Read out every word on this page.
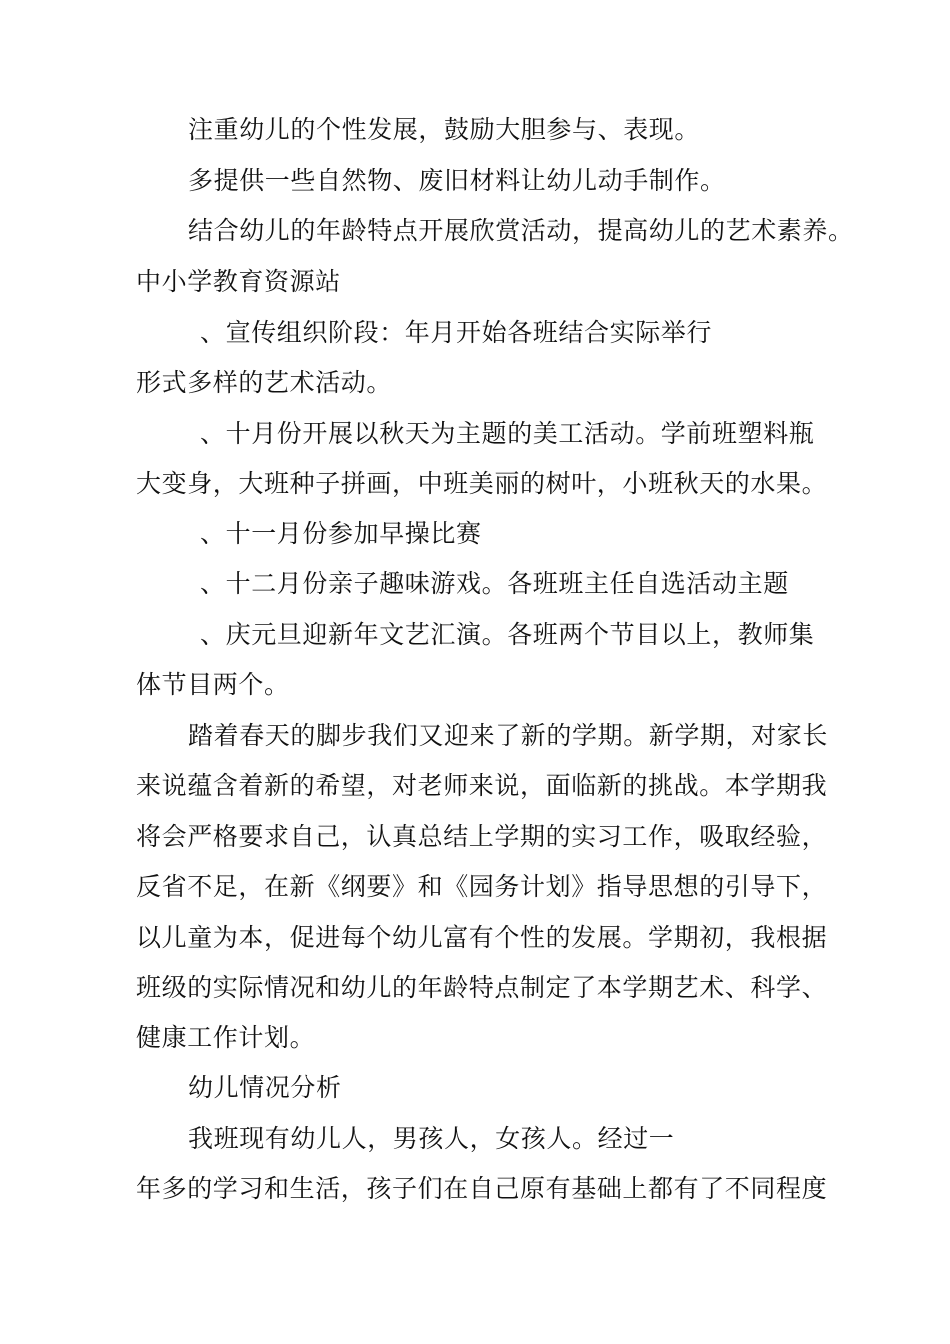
注重幼儿的个性发展，鼓励大胆参与、表现。
多提供一些自然物、废旧材料让幼儿动手制作。
结合幼儿的年龄特点开展欣赏活动，提高幼儿的艺术素养。
中小学教育资源站
、宣传组织阶段：年月开始各班结合实际举行
形式多样的艺术活动。
、十月份开展以秋天为主题的美工活动。学前班塑料瓶
大变身，大班种子拼画，中班美丽的树叶，小班秋天的水果。
、十一月份参加早操比赛
、十二月份亲子趣味游戏。各班班主任自选活动主题
、庆元旦迎新年文艺汇演。各班两个节目以上，教师集
体节目两个。
踏着春天的脚步我们又迎来了新的学期。新学期，对家长
来说蕴含着新的希望，对老师来说，面临新的挑战。本学期我
将会严格要求自己，认真总结上学期的实习工作，吸取经验，
反省不足，在新《纲要》和《园务计划》指导思想的引导下，
以儿童为本，促进每个幼儿富有个性的发展。学期初，我根据
班级的实际情况和幼儿的年龄特点制定了本学期艺术、科学、
健康工作计划。
幼儿情况分析
我班现有幼儿人，男孩人，女孩人。经过一
年多的学习和生活，孩子们在自己原有基础上都有了不同程度
